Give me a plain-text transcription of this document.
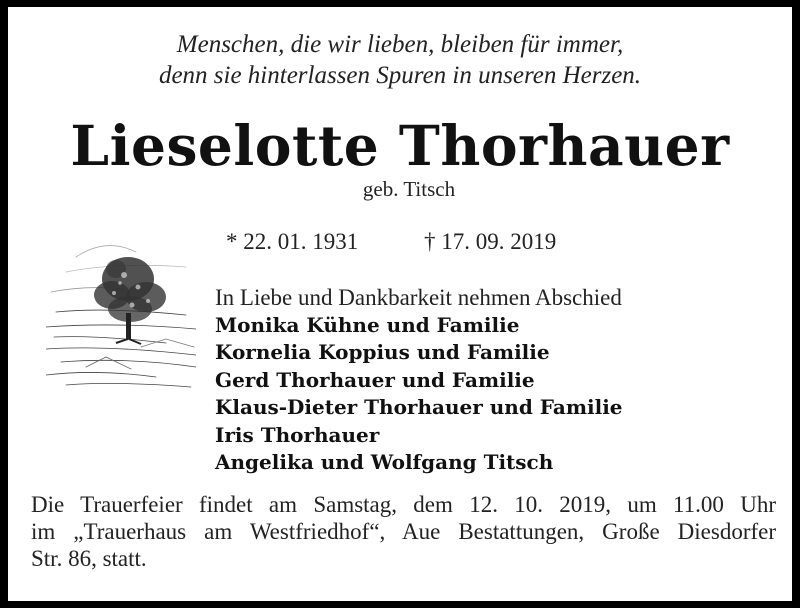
Menschen, die wir lieben, bleiben für immer,
denn sie hinterlassen Spuren in unseren Herzen.
Lieselotte Thorhauer
geb. Titsch
* 22. 01. 1931	† 17. 09. 2019
In Liebe und Dankbarkeit nehmen Abschied
Monika Kühne und Familie
Kornelia Koppius und Familie
Gerd Thorhauer und Familie
Klaus-Dieter Thorhauer und Familie
Iris Thorhauer
Angelika und Wolfgang Titsch
Die Trauerfeier findet am Samstag, dem 12. 10. 2019, um 11.00 Uhr
im „Trauerhaus am Westfriedhof“, Aue Bestattungen, Große Diesdorfer
Str. 86, statt.
